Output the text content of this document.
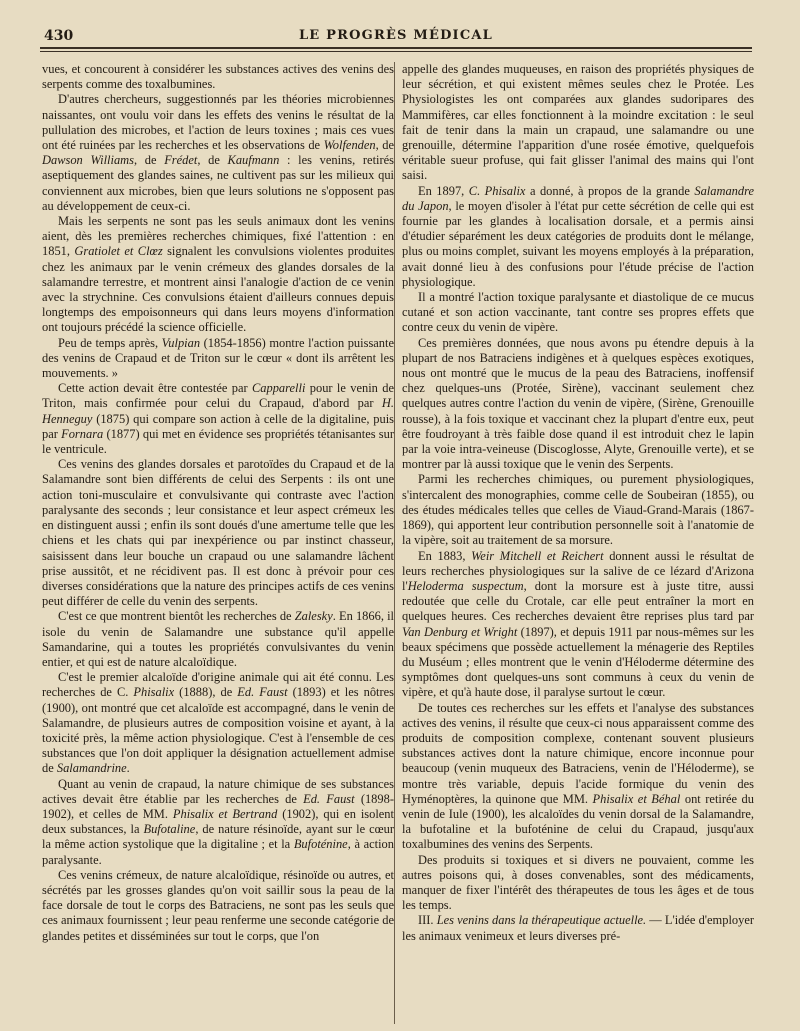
430	LE PROGRÈS MÉDICAL

vues, et concourent à considérer les substances actives des venins des serpents comme des toxalbumines.

D'autres chercheurs, suggestionnés par les théories microbiennes naissantes, ont voulu voir dans les effets des venins le résultat de la pullulation des microbes, et l'action de leurs toxines ; mais ces vues ont été ruinées par les recherches et les observations de Wolfenden, de Dawson Williams, de Frédet, de Kaufmann : les venins, retirés aseptiquement des glandes saines, ne cultivent pas sur les milieux qui conviennent aux microbes, bien que leurs solutions ne s'opposent pas au développement de ceux-ci.

Mais les serpents ne sont pas les seuls animaux dont les venins aient, dès les premières recherches chimiques, fixé l'attention : en 1851, Gratiolet et Clœz signalent les convulsions violentes produites chez les animaux par le venin crémeux des glandes dorsales de la salamandre terrestre, et montrent ainsi l'analogie d'action de ce venin avec la strychnine. Ces convulsions étaient d'ailleurs connues depuis longtemps des empoisonneurs qui dans leurs moyens d'information ont toujours précédé la science officielle.

Peu de temps après, Vulpian (1854-1856) montre l'action puissante des venins de Crapaud et de Triton sur le cœur « dont ils arrêtent les mouvements. »

Cette action devait être contestée par Capparelli pour le venin de Triton, mais confirmée pour celui du Crapaud, d'abord par H. Henneguy (1875) qui compare son action à celle de la digitaline, puis par Fornara (1877) qui met en évidence ses propriétés tétanisantes sur le ventricule.

Ces venins des glandes dorsales et parotoïdes du Crapaud et de la Salamandre sont bien différents de celui des Serpents : ils ont une action toni-musculaire et convulsivante qui contraste avec l'action paralysante des seconds ; leur consistance et leur aspect crémeux les en distinguent aussi ; enfin ils sont doués d'une amertume telle que les chiens et les chats qui par inexpérience ou par instinct chasseur, saisissent dans leur bouche un crapaud ou une salamandre lâchent prise aussitôt, et ne récidivent pas. Il est donc à prévoir pour ces diverses considérations que la nature des principes actifs de ces venins peut différer de celle du venin des serpents.

C'est ce que montrent bientôt les recherches de Zalesky. En 1866, il isole du venin de Salamandre une substance qu'il appelle Samandarine, qui a toutes les propriétés convulsivantes du venin entier, et qui est de nature alcaloïdique.

C'est le premier alcaloïde d'origine animale qui ait été connu. Les recherches de C. Phisalix (1888), de Ed. Faust (1893) et les nôtres (1900), ont montré que cet alcaloïde est accompagné, dans le venin de Salamandre, de plusieurs autres de composition voisine et ayant, à la toxicité près, la même action physiologique. C'est à l'ensemble de ces substances que l'on doit appliquer la désignation actuellement admise de Salamandrine.

Quant au venin de crapaud, la nature chimique de ses substances actives devait être établie par les recherches de Ed. Faust (1898-1902), et celles de MM. Phisalix et Bertrand (1902), qui en isolent deux substances, la Bufotaline, de nature résinoïde, ayant sur le cœur la même action systolique que la digitaline ; et la Bufoténine, à action paralysante.

Ces venins crémeux, de nature alcaloïdique, résinoïde ou autres, et sécrétés par les grosses glandes qu'on voit saillir sous la peau de la face dorsale de tout le corps des Batraciens, ne sont pas les seuls que ces animaux fournissent ; leur peau renferme une seconde catégorie de glandes petites et disséminées sur tout le corps, que l'on

appelle des glandes muqueuses, en raison des propriétés physiques de leur sécrétion, et qui existent mêmes seules chez le Protée. Les Physiologistes les ont comparées aux glandes sudoripares des Mammifères, car elles fonctionnent à la moindre excitation : le seul fait de tenir dans la main un crapaud, une salamandre ou une grenouille, détermine l'apparition d'une rosée émotive, quelquefois véritable sueur profuse, qui fait glisser l'animal des mains qui l'ont saisi.

En 1897, C. Phisalix a donné, à propos de la grande Salamandre du Japon, le moyen d'isoler à l'état pur cette sécrétion de celle qui est fournie par les glandes à localisation dorsale, et a permis ainsi d'étudier séparément les deux catégories de produits dont le mélange, plus ou moins complet, suivant les moyens employés à la préparation, avait donné lieu à des confusions pour l'étude précise de l'action physiologique.

Il a montré l'action toxique paralysante et diastolique de ce mucus cutané et son action vaccinante, tant contre ses propres effets que contre ceux du venin de vipère.

Ces premières données, que nous avons pu étendre depuis à la plupart de nos Batraciens indigènes et à quelques espèces exotiques, nous ont montré que le mucus de la peau des Batraciens, inoffensif chez quelques-uns (Protée, Sirène), vaccinant seulement chez quelques autres contre l'action du venin de vipère, (Sirène, Grenouille rousse), à la fois toxique et vaccinant chez la plupart d'entre eux, peut être foudroyant à très faible dose quand il est introduit chez le lapin par la voie intra-veineuse (Discoglosse, Alyte, Grenouille verte), et se montrer par là aussi toxique que le venin des Serpents.

Parmi les recherches chimiques, ou purement physiologiques, s'intercalent des monographies, comme celle de Soubeiran (1855), ou des études médicales telles que celles de Viaud-Grand-Marais (1867-1869), qui apportent leur contribution personnelle soit à l'anatomie de la vipère, soit au traitement de sa morsure.

En 1883, Weir Mitchell et Reichert donnent aussi le résultat de leurs recherches physiologiques sur la salive de ce lézard d'Arizona l'Heloderma suspectum, dont la morsure est à juste titre, aussi redoutée que celle du Crotale, car elle peut entraîner la mort en quelques heures. Ces recherches devaient être reprises plus tard par Van Denburg et Wright (1897), et depuis 1911 par nous-mêmes sur les beaux spécimens que possède actuellement la ménagerie des Reptiles du Muséum ; elles montrent que le venin d'Héloderme détermine des symptômes dont quelques-uns sont communs à ceux du venin de vipère, et qu'à haute dose, il paralyse surtout le cœur.

De toutes ces recherches sur les effets et l'analyse des substances actives des venins, il résulte que ceux-ci nous apparaissent comme des produits de composition complexe, contenant souvent plusieurs substances actives dont la nature chimique, encore inconnue pour beaucoup (venin muqueux des Batraciens, venin de l'Héloderme), se montre très variable, depuis l'acide formique du venin des Hyménoptères, la quinone que MM. Phisalix et Béhal ont retirée du venin de Iule (1900), les alcaloïdes du venin dorsal de la Salamandre, la bufotaline et la bufoténine de celui du Crapaud, jusqu'aux toxalbumines des venins des Serpents.

Des produits si toxiques et si divers ne pouvaient, comme les autres poisons qui, à doses convenables, sont des médicaments, manquer de fixer l'intérêt des thérapeutes de tous les âges et de tous les temps.

III. Les venins dans la thérapeutique actuelle. — L'idée d'employer les animaux venimeux et leurs diverses pré-
